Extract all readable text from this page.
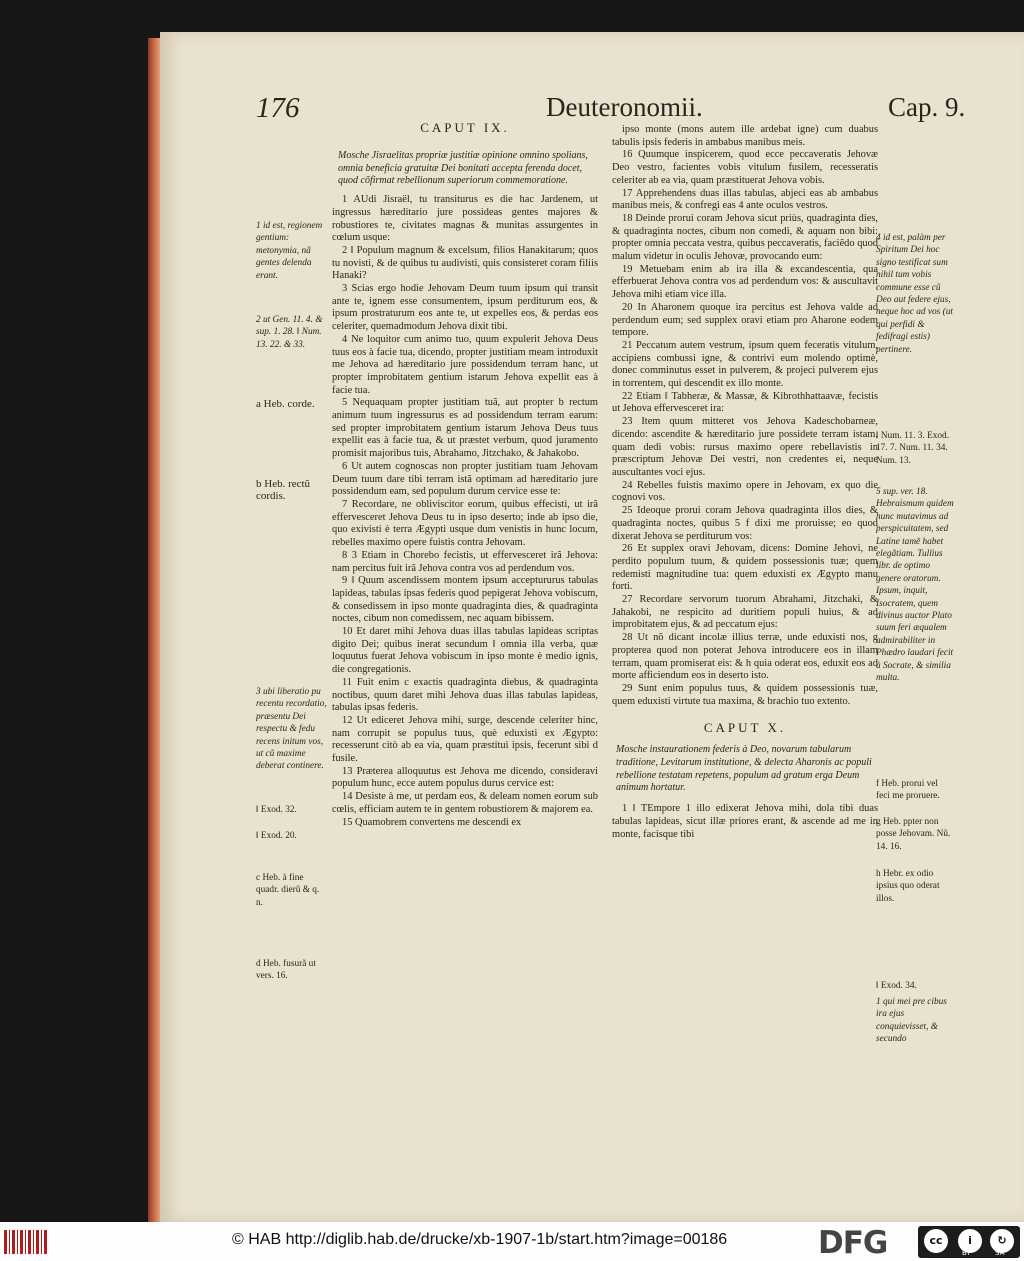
176	Deuteronomii.	Cap. 9.
1 id est, regionem gentium: metonymia, nã gentes delenda erant.
2 ut Gen. 11. 4. & sup. 1. 28. ‖ Num. 13. 22. & 33.
a Heb. corde.
b Heb. rectũ cordis.
3 ubi liberatio pu recentu recordatio, præsentu Dei respectu & fedu recens initum vos, ut cũ maxime deberat continere.
‖ Exod. 32.
‖ Exod. 20.
c Heb. à fine quadr. dierũ & q. n.
d Heb. fusurã ut vers. 16.
CAPUT IX.
Mosche Jisraelitas propriæ justitiæ opinione omnino spolians, omnia beneficia gratuitæ Dei bonitati accepta ferenda docet, quod cõfirmat rebellionum superiorum commemoratione.

1 AUdi Jisraël, tu transiturus es die hac Jardenem, ut ingressus hæreditario jure possideas gentes majores & robustiores te, civitates magnas & munitas assurgentes in cœlum usque:

2 ‖ Populum magnum & excelsum, filios Hanakitarum; quos tu novisti, & de quibus tu audivisti, quis consisteret coram filiis Hanaki?

3 Scias ergo hodie Jehovam Deum tuum ipsum qui transit ante te, ignem esse consumentem, ipsum perditurum eos, & ipsum prostraturum eos ante te, ut expelles eos, & perdas eos celeriter, quemadmodum Jehova dixit tibi.

4 Ne loquitor cum animo tuo, quum expulerit Jehova Deus tuus eos à facie tua, dicendo, propter justitiam meam introduxit me Jehova ad hæreditario jure possidendum terram hanc, ut propter improbitatem gentium istarum Jehova expellit eas à facie tua.

5 Nequaquam propter justitiam tuã, aut propter b rectum animum tuum ingressurus es ad possidendum terram earum: sed propter improbitatem gentium istarum Jehova Deus tuus expellit eas à facie tua, & ut præstet verbum, quod juramento promisit majoribus tuis, Abrahamo, Jitzchako, & Jahakobo.

6 Ut autem cognoscas non propter justitiam tuam Jehovam Deum tuum dare tibi terram istã optimam ad hæreditario jure possidendum eam, sed populum durum cervice esse te:

7 Recordare, ne obliviscitor eorum, quibus effecisti, ut irã effervesceret Jehova Deus tu in ipso deserto; inde ab ipso die, quo exivisti è terra Ægypti usque dum venistis in hunc locum, rebelles maximo opere fuistis contra Jehovam.

8 3 Etiam in Chorebo fecistis, ut effervesceret irã Jehova: nam percitus fuit irã Jehova contra vos ad perdendum vos.

9 ‖ Quum ascendissem montem ipsum acceptururus tabulas lapideas, tabulas ipsas federis quod pepigerat Jehova vobiscum, & consedissem in ipso monte quadraginta dies, & quadraginta noctes, cibum non comedissem, nec aquam bibissem.

10 Et daret mihi Jehova duas illas tabulas lapideas scriptas digito Dei; quibus inerat secundum ‖ omnia illa verba, quæ loquutus fuerat Jehova vobiscum in ipso monte è medio ignis, die congregationis.

11 Fuit enim c exactis quadraginta diebus, & quadraginta noctibus, quum daret mihi Jehova duas illas tabulas lapideas, tabulas ipsas federis.

12 Ut ediceret Jehova mihi, surge, descende celeriter hinc, nam corrupit se populus tuus, què eduxisti ex Ægypto: recesserunt citò ab ea via, quam præstitui ipsis, fecerunt sibi d fusile.

13 Præterea alloquutus est Jehova me dicendo, consideravi populum hunc, ecce autem populus durus cervice est:

14 Desiste à me, ut perdam eos, & deleam nomen eorum sub cœlis, efficiam autem te in gentem robustiorem & majorem ea.

15 Quamobrem convertens me descendi ex

ipso monte (mons autem ille ardebat igne) cum duabus tabulis ipsis federis in ambabus manibus meis.

16 Quumque inspicerem, quod ecce peccaveratis Jehovæ Deo vestro, facientes vobis vitulum fusilem, recesseratis celeriter ab ea via, quam præstituerat Jehova vobis.

17 Apprehendens duas illas tabulas, abjeci eas ab ambabus manibus meis, & confregi eas 4 ante oculos vestros.

18 Deinde prorui coram Jehova sicut priùs, quadraginta dies, & quadraginta noctes, cibum non comedi, & aquam non bibi: propter omnia peccata vestra, quibus peccaveratis, faciẽdo quod malum videtur in oculis Jehovæ, provocando eum:

19 Metuebam enim ab ira illa & excandescentia, qua efferbuerat Jehova contra vos ad perdendum vos: & auscultavit Jehova mihi etiam vice illa.

20 In Aharonem quoque ira percitus est Jehova valde ad perdendum eum; sed supplex oravi etiam pro Aharone eodem tempore.

21 Peccatum autem vestrum, ipsum quem feceratis vitulum, accipiens combussi igne, & contrivi eum molendo optimè, donec comminutus esset in pulverem, & projeci pulverem ejus in torrentem, qui descendit ex illo monte.

22 Etiam ‖ Tabheræ, & Massæ, & Kibrothhattaavæ, fecistis ut Jehova effervesceret ira:

23 Item quum mitteret vos Jehova Kadeschobarneæ, dicendo: ascendite & hæreditario jure possidete terram istam, quam dedi vobis: rursus maximo opere rebellavistis in præscriptum Jehovæ Dei vestri, non credentes ei, neque auscultantes voci ejus.

24 Rebelles fuistis maximo opere in Jehovam, ex quo die cognovi vos.

25 Ideoque prorui coram Jehova quadraginta illos dies, & quadraginta noctes, quibus 5 f dixi me proruisse; eo quod dixerat Jehova se perditurum vos:

26 Et supplex oravi Jehovam, dicens: Domine Jehovi, ne perdito populum tuum, & quidem possessionis tuæ; quem redemisti magnitudine tua: quem eduxisti ex Ægypto manu forti.

27 Recordare servorum tuorum Abrahami, Jitzchaki, & Jahakobi, ne respicito ad duritiem populi huius, & ad improbitatem ejus, & ad peccatum ejus:

28 Ut nõ dicant incolæ illius terræ, unde eduxisti nos, g propterea quod non poterat Jehova introducere eos in illam terram, quam promiserat eis: & h quia oderat eos, eduxit eos ad morte afficiendum eos in deserto isto.

29 Sunt enim populus tuus, & quidem possessionis tuæ, quem eduxisti virtute tua maxima, & brachio tuo extento.

CAPUT X.
Mosche instaurationem federis à Deo, novarum tabularum traditione, Levitarum institutione, & delecta Aharonis ac populi rebellione testatam repetens, populum ad gratum erga Deum animum hortatur.

1 ‖ TEmpore 1 illo edixerat Jehova mihi, dola tibi duas tabulas lapideas, sicut illæ priores erant, & ascende ad me in monte, facisque tibi

4 id est, palàm per Spiritum Dei hoc signo testificat sum nihil tum vobis commune esse cũ Deo aut federe ejus, neque hoc ad vos (ut qui perfidi & fedifragi estis) pertinere.
‖ Num. 11. 3. Exod. 17. 7. Num. 11. 34. Num. 13.
5 sup. ver. 18. Hebraismum quidem hunc mutavimus ad perspicuitatem, sed Latine tamē habet elegãtiam. Tullius libr. de optimo genere oratorum. Ipsum, inquit, Isocratem, quem divinus auctor Plato suum feri æqualem admirabiliter in Phædro laudari fecit à Socrate, & similia multa.
f Heb. prorui vel feci me proruere.
g Heb. ppter non posse Jehovam. Nũ. 14. 16.
h Hebr. ex odio ipsius quo oderat illos.
‖ Exod. 34.
1 qui mei pre cibus ira ejus conquievisset, & secundo
© HAB http://diglib.hab.de/drucke/xb-1907-1b/start.htm?image=00186	DFG	cc	i	↻
BY	SA
